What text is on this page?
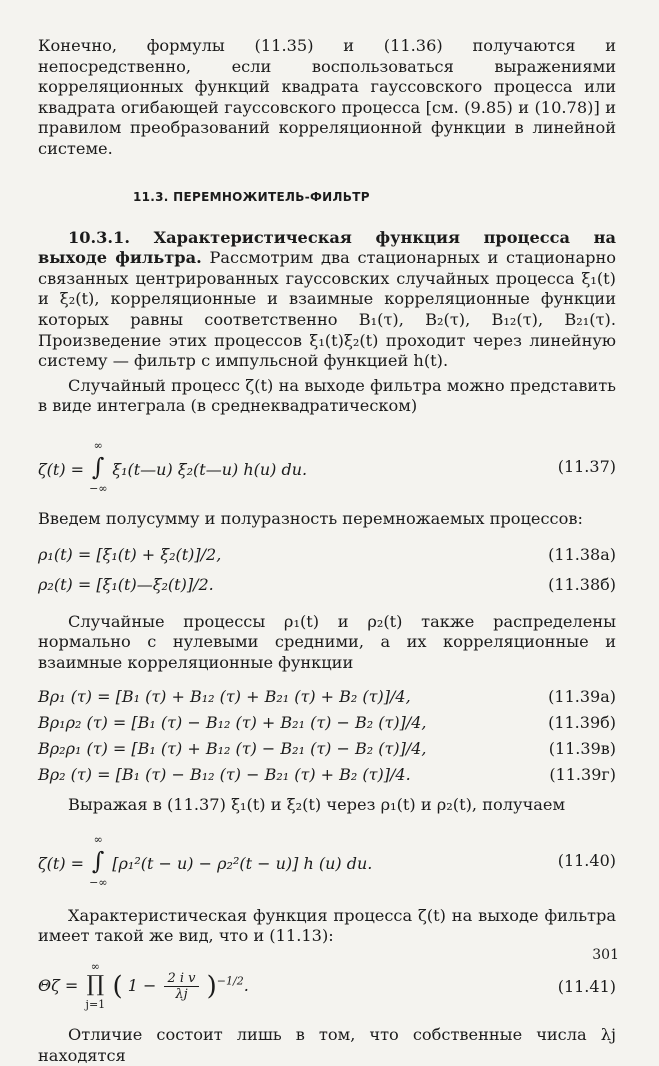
Конечно, формулы (11.35) и (11.36) получаются и непосредственно, если воспользоваться выражениями корреляционных функций квадрата гауссовского процесса или квадрата огибающей гауссовского процесса [см. (9.85) и (10.78)] и правилом преобразований корреляционной функции в линейной системе.

11.3. ПЕРЕМНОЖИТЕЛЬ-ФИЛЬТР

10.3.1. Характеристическая функция процесса на выходе фильтра. Рассмотрим два стационарных и стационарно связанных центрированных гауссовских случайных процесса ξ₁(t) и ξ₂(t), корреляционные и взаимные корреляционные функции которых равны соответственно B₁(τ), B₂(τ), B₁₂(τ), B₂₁(τ). Произведение этих процессов ξ₁(t)ξ₂(t) проходит через линейную систему — фильтр с импульсной функцией h(t).

Случайный процесс ζ(t) на выходе фильтра можно представить в виде интеграла (в среднеквадратическом)

ζ(t) =
∞
∫
−∞
ξ₁(t—u) ξ₂(t—u) h(u) du.	(11.37)

Введем полусумму и полуразность перемножаемых процессов:

ρ₁(t) = [ξ₁(t) + ξ₂(t)]/2,	(11.38а)
ρ₂(t) = [ξ₁(t)—ξ₂(t)]/2.	(11.38б)

Случайные процессы ρ₁(t) и ρ₂(t) также распределены нормально с нулевыми средними, а их корреляционные и взаимные корреляционные функции

Bρ₁ (τ) = [B₁ (τ) + B₁₂ (τ) + B₂₁ (τ) + B₂ (τ)]/4,	(11.39а)
Bρ₁ρ₂ (τ) = [B₁ (τ) − B₁₂ (τ) + B₂₁ (τ) − B₂ (τ)]/4,	(11.39б)
Bρ₂ρ₁ (τ) = [B₁ (τ) + B₁₂ (τ) − B₂₁ (τ) − B₂ (τ)]/4,	(11.39в)
Bρ₂ (τ) = [B₁ (τ) − B₁₂ (τ) − B₂₁ (τ) + B₂ (τ)]/4.	(11.39г)

Выражая в (11.37) ξ₁(t) и ξ₂(t) через ρ₁(t) и ρ₂(t), получаем

ζ(t) =
∞
∫
−∞
[ρ₁²(t − u) − ρ₂²(t − u)] h (u) du.	(11.40)

Характеристическая функция процесса ζ(t) на выходе фильтра имеет такой же вид, что и (11.13):

Θζ =
∞
∏
j=1
( $1 - \frac{\text{2 i v}}{\lambda j} )^{-1/2}$.	(11.41)

Отличие состоит лишь в том, что собственные числа λj находятся

301
